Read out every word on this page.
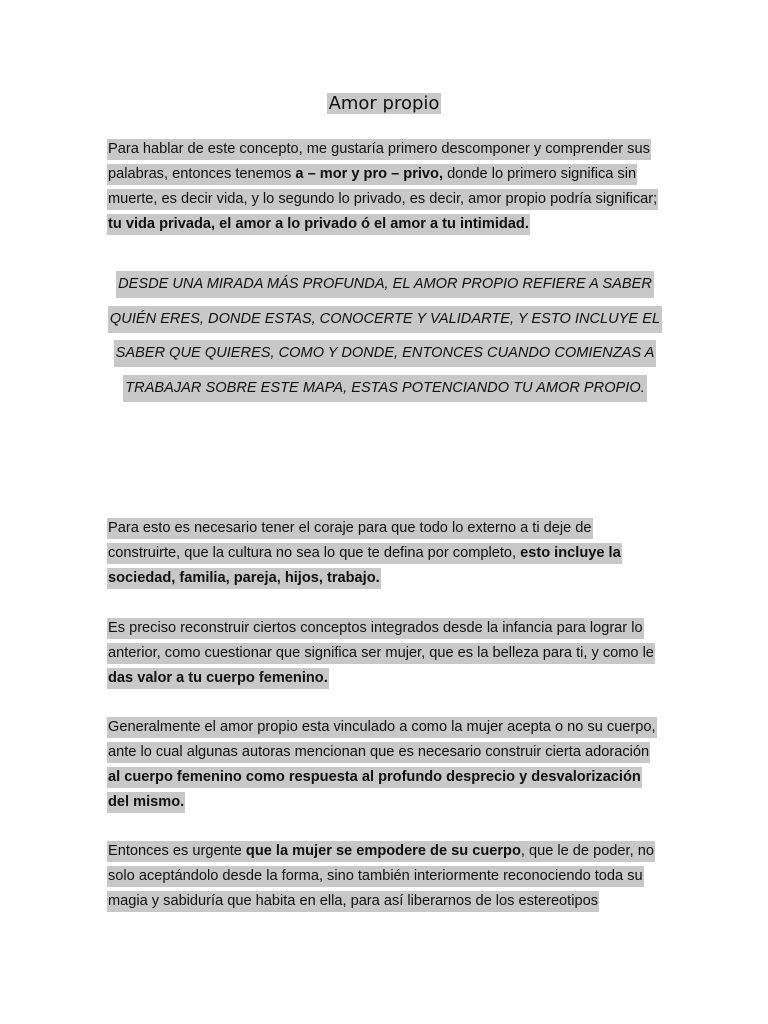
Amor propio

Para hablar de este concepto, me gustaría primero descomponer y comprender sus palabras, entonces tenemos a – mor y pro – privo, donde lo primero significa sin muerte, es decir vida, y lo segundo lo privado, es decir, amor propio podría significar; tu vida privada, el amor a lo privado ó el amor a tu intimidad.

DESDE UNA MIRADA MÁS PROFUNDA, EL AMOR PROPIO REFIERE A SABER QUIÉN ERES, DONDE ESTAS, CONOCERTE Y VALIDARTE, Y ESTO INCLUYE EL SABER QUE QUIERES, COMO Y DONDE, ENTONCES CUANDO COMIENZAS A TRABAJAR SOBRE ESTE MAPA, ESTAS POTENCIANDO TU AMOR PROPIO.

Para esto es necesario tener el coraje para que todo lo externo a ti deje de construirte, que la cultura no sea lo que te defina por completo, esto incluye la sociedad, familia, pareja, hijos, trabajo.

Es preciso reconstruir ciertos conceptos integrados desde la infancia para lograr lo anterior, como cuestionar que significa ser mujer, que es la belleza para ti, y como le das valor a tu cuerpo femenino.

Generalmente el amor propio esta vinculado a como la mujer acepta o no su cuerpo, ante lo cual algunas autoras mencionan que es necesario construir cierta adoración al cuerpo femenino como respuesta al profundo desprecio y desvalorización del mismo.

Entonces es urgente que la mujer se empodere de su cuerpo, que le de poder, no solo aceptándolo desde la forma, sino también interiormente reconociendo toda su magia y sabiduría que habita en ella, para así liberarnos de los estereotipos
